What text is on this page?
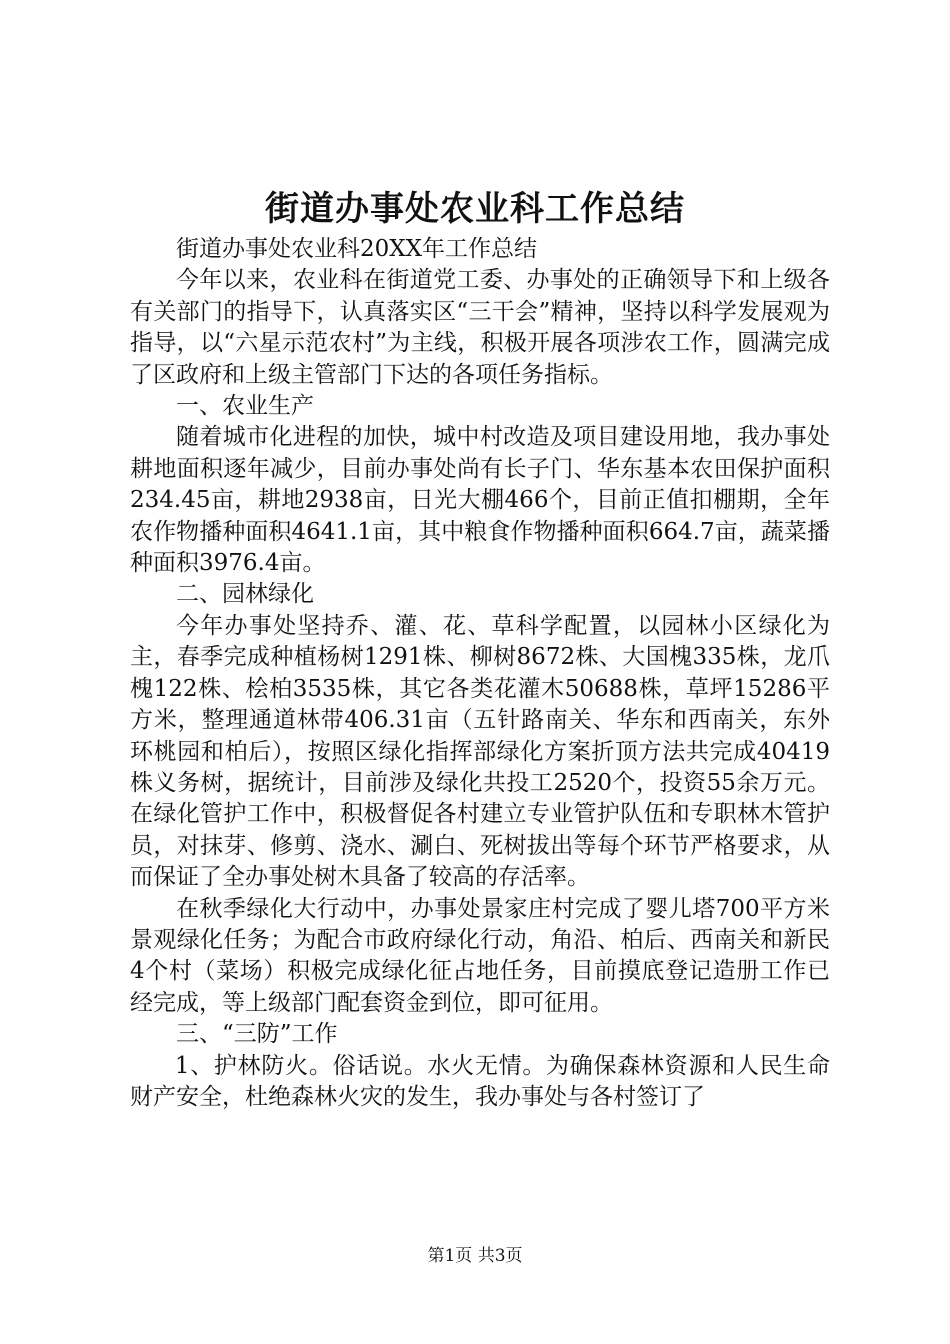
街道办事处农业科工作总结

街道办事处农业科20XX年工作总结

今年以来，农业科在街道党工委、办事处的正确领导下和上级各有关部门的指导下，认真落实区“三干会”精神，坚持以科学发展观为指导，以“六星示范农村”为主线，积极开展各项涉农工作，圆满完成了区政府和上级主管部门下达的各项任务指标。

一、农业生产

随着城市化进程的加快，城中村改造及项目建设用地，我办事处耕地面积逐年减少，目前办事处尚有长子门、华东基本农田保护面积234.45亩，耕地2938亩，日光大棚466个，目前正值扣棚期，全年农作物播种面积4641.1亩，其中粮食作物播种面积664.7亩，蔬菜播种面积3976.4亩。

二、园林绿化

今年办事处坚持乔、灌、花、草科学配置，以园林小区绿化为主，春季完成种植杨树1291株、柳树8672株、大国槐335株，龙爪槐122株、桧柏3535株，其它各类花灌木50688株，草坪15286平方米，整理通道林带406.31亩（五针路南关、华东和西南关，东外环桃园和柏后），按照区绿化指挥部绿化方案折顶方法共完成40419株义务树，据统计，目前涉及绿化共投工2520个，投资55余万元。在绿化管护工作中，积极督促各村建立专业管护队伍和专职林木管护员，对抹芽、修剪、浇水、涮白、死树拔出等每个环节严格要求，从而保证了全办事处树木具备了较高的存活率。

在秋季绿化大行动中，办事处景家庄村完成了婴儿塔700平方米景观绿化任务；为配合市政府绿化行动，角沿、柏后、西南关和新民4个村（菜场）积极完成绿化征占地任务，目前摸底登记造册工作已经完成，等上级部门配套资金到位，即可征用。

三、“三防”工作

1、护林防火。俗话说。水火无情。为确保森林资源和人民生命财产安全，杜绝森林火灾的发生，我办事处与各村签订了

第1页 共3页
